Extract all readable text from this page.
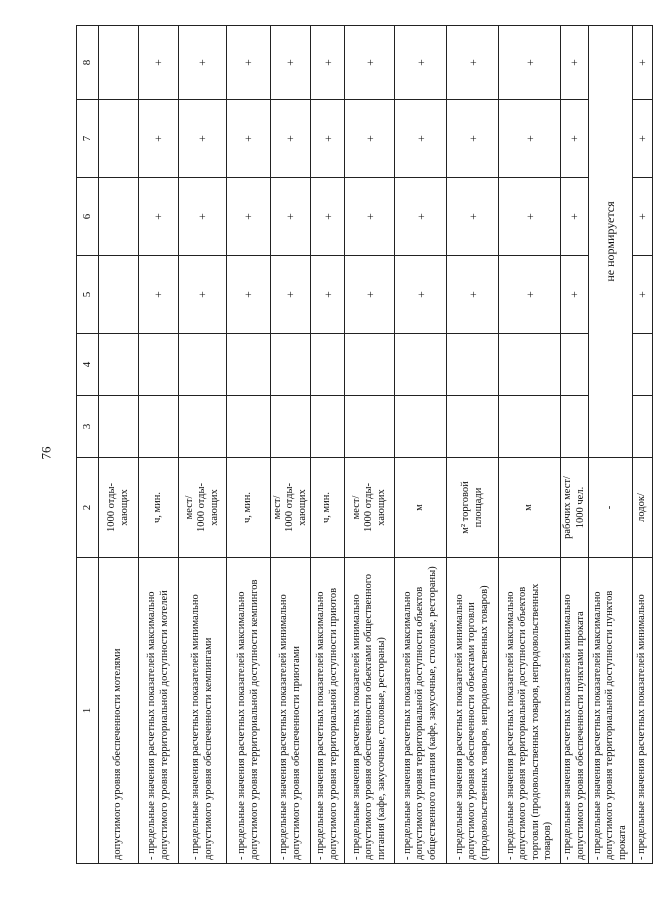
76
1	2	3	4	5	6	7	8
допустимого уровня обеспеченности мотелями	1000 отды-
хающих						
- предельные значения расчетных показателей максимально допустимого уровня территориальной доступности мотелей	ч, мин.			+	+	+	+
- предельные значения расчетных показателей минимально допустимого уровня обеспеченности кемпингами	мест/
1000 отды-
хающих			+	+	+	+
- предельные значения расчетных показателей максимально допустимого уровня территориальной доступности кемпингов	ч, мин.			+	+	+	+
- предельные значения расчетных показателей минимально допустимого уровня обеспеченности приютами	мест/
1000 отды-
хающих			+	+	+	+
- предельные значения расчетных показателей максимально допустимого уровня территориальной доступности приютов	ч, мин.			+	+	+	+
- предельные значения расчетных показателей минимально допустимого уровня обеспеченности объектами общественного питания (кафе, закусочные, столовые, рестораны)	мест/
1000 отды-
хающих			+	+	+	+
- предельные значения расчетных показателей максимально допустимого уровня территориальной доступности объектов общественного питания (кафе, закусочные, столовые, рестораны)	м			+	+	+	+
- предельные значения расчетных показателей минимально допустимого уровня обеспеченности объектами торговли (продовольственных товаров, непродовольственных товаров)	м² торговой
площади			+	+	+	+
- предельные значения расчетных показателей максимально допустимого уровня территориальной доступности объектов торговли (продовольственных товаров, непродовольственных товаров)	м			+	+	+	+
- предельные значения расчетных показателей минимально допустимого уровня обеспеченности пунктами проката	рабочих мест/
1000 чел.			+	+	+	+
- предельные значения расчетных показателей максимально допустимого уровня территориальной доступности пунктов проката	-	не нормируется					
- предельные значения расчетных показателей минимально	лодок/			+	+	+	+
